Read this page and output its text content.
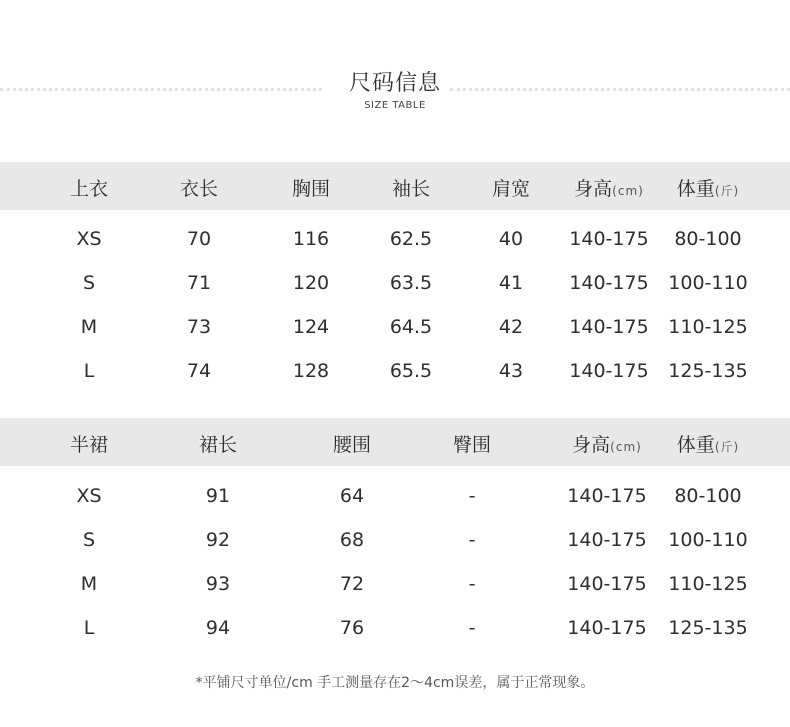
尺码信息
SIZE TABLE
上衣	衣长	胸围	袖长	肩宽	身高(cm)	体重(斤)
XS	70	116	62.5	40	140-175	80-100
S	71	120	63.5	41	140-175	100-110
M	73	124	64.5	42	140-175	110-125
L	74	128	65.5	43	140-175	125-135
半裙	裙长	腰围	臀围	身高(cm)	体重(斤)
XS	91	64	-	140-175	80-100
S	92	68	-	140-175	100-110
M	93	72	-	140-175	110-125
L	94	76	-	140-175	125-135
*平铺尺寸单位/cm 手工测量存在2～4cm误差，属于正常现象。
